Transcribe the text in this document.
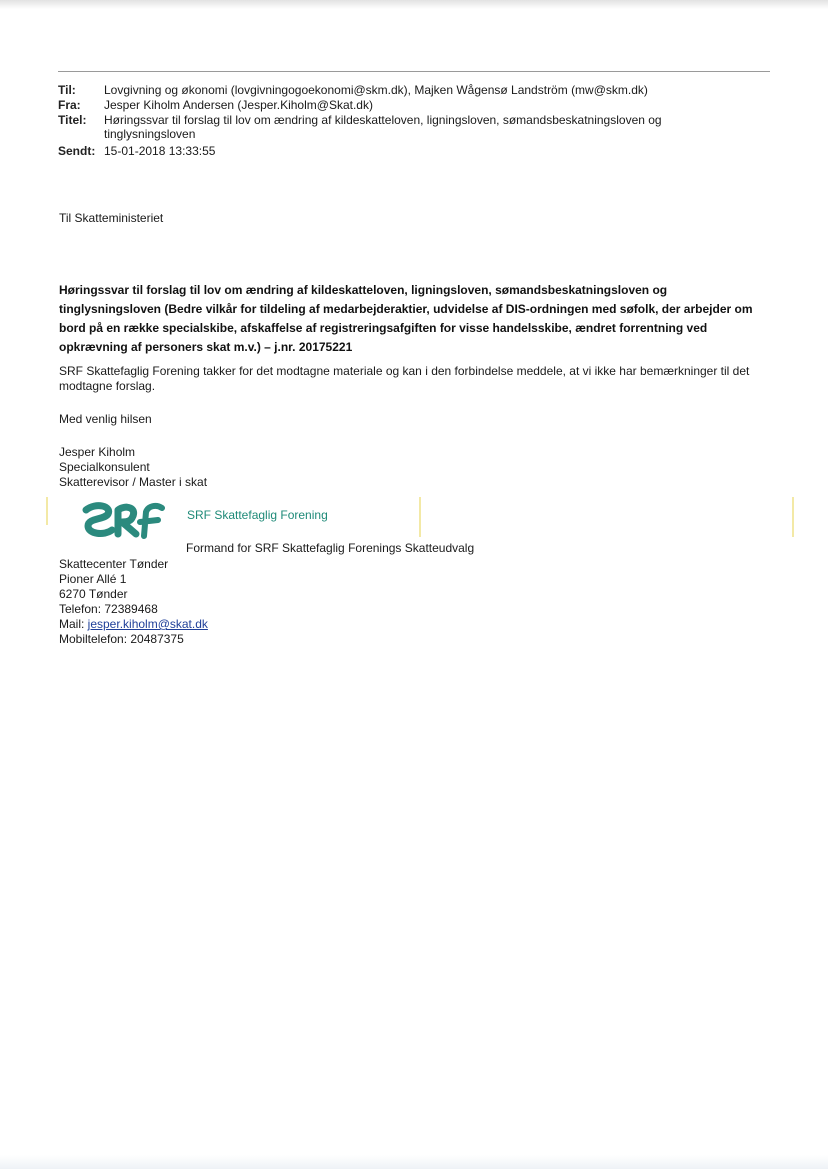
Til: Lovgivning og økonomi (lovgivningogoekonomi@skm.dk), Majken Wågensø Landström (mw@skm.dk)
Fra: Jesper Kiholm Andersen (Jesper.Kiholm@Skat.dk)
Titel: Høringssvar til forslag til lov om ændring af kildeskatteloven, ligningsloven, sømandsbeskatningsloven og tinglysningsloven
Sendt: 15-01-2018 13:33:55
Til Skatteministeriet
Høringssvar til forslag til lov om ændring af kildeskatteloven, ligningsloven, sømandsbeskatningsloven og tinglysningsloven (Bedre vilkår for tildeling af medarbejderaktier, udvidelse af DIS-ordningen med søfolk, der arbejder om bord på en række specialskibe, afskaffelse af registreringsafgiften for visse handelsskibe, ændret forrentning ved opkrævning af personers skat m.v.) – j.nr. 20175221
SRF Skattefaglig Forening takker for det modtagne materiale og kan i den forbindelse meddele, at vi ikke har bemærkninger til det modtagne forslag.
Med venlig hilsen
Jesper Kiholm
Specialkonsulent
Skatterevisor / Master i skat
SRF Skattefaglig Forening
Formand for SRF Skattefaglig Forenings Skatteudvalg
Skattecenter Tønder
Pioner Allé 1
6270 Tønder
Telefon: 72389468
Mail: jesper.kiholm@skat.dk
Mobiltelefon: 20487375
